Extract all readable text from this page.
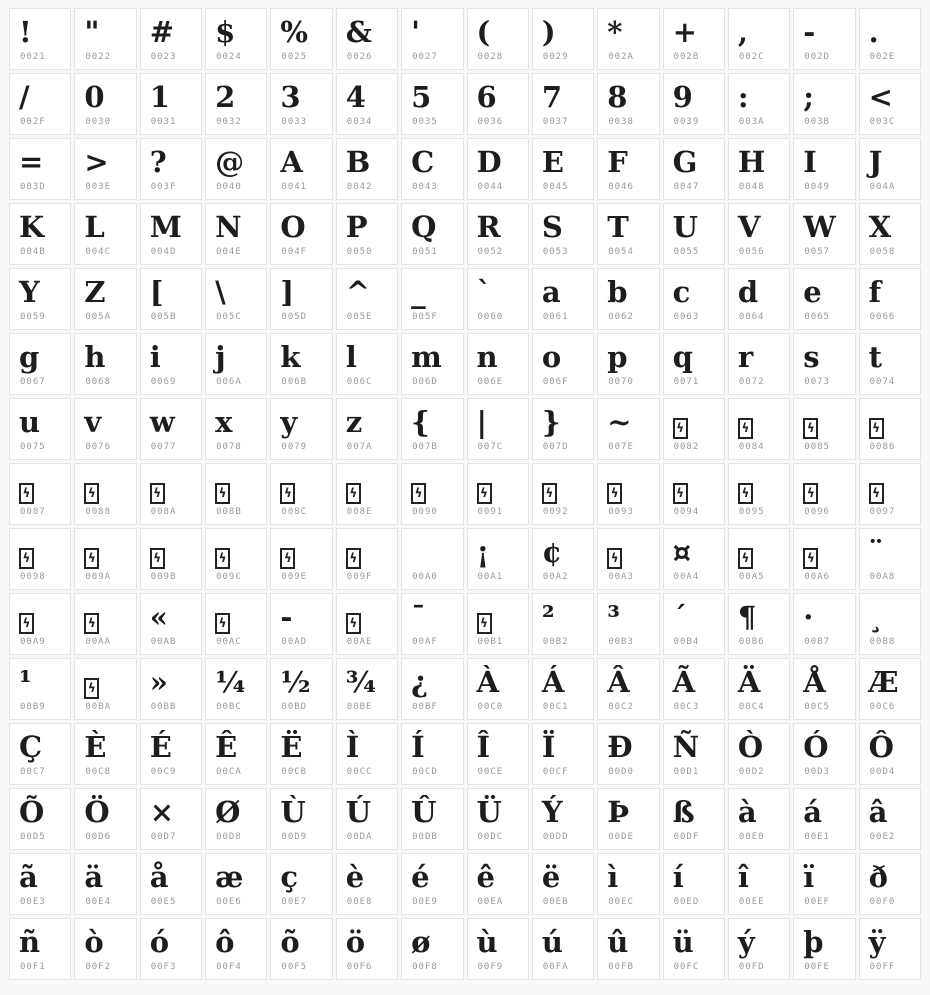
!
0021
"
0022
#
0023
$
0024
%
0025
&
0026
'
0027
(
0028
)
0029
*
002A
+
002B
,
002C
-
002D
.
002E
/
002F
0
0030
1
0031
2
0032
3
0033
4
0034
5
0035
6
0036
7
0037
8
0038
9
0039
:
003A
;
003B
<
003C
=
003D
>
003E
?
003F
@
0040
A
0041
B
0042
C
0043
D
0044
E
0045
F
0046
G
0047
H
0048
I
0049
J
004A
K
004B
L
004C
M
004D
N
004E
O
004F
P
0050
Q
0051
R
0052
S
0053
T
0054
U
0055
V
0056
W
0057
X
0058
Y
0059
Z
005A
[
005B
\
005C
]
005D
^
005E
_
005F
`
0060
a
0061
b
0062
c
0063
d
0064
e
0065
f
0066
g
0067
h
0068
i
0069
j
006A
k
006B
l
006C
m
006D
n
006E
o
006F
p
0070
q
0071
r
0072
s
0073
t
0074
u
0075
v
0076
w
0077
x
0078
y
0079
z
007A
{
007B
|
007C
}
007D
~
007E
ϟ
0082
ϟ
0084
ϟ
0085
ϟ
0086
ϟ
0087
ϟ
0088
ϟ
008A
ϟ
008B
ϟ
008C
ϟ
008E
ϟ
0090
ϟ
0091
ϟ
0092
ϟ
0093
ϟ
0094
ϟ
0095
ϟ
0096
ϟ
0097
ϟ
0098
ϟ
009A
ϟ
009B
ϟ
009C
ϟ
009E
ϟ
009F	00A0
¡
00A1
¢
00A2
ϟ
00A3
¤
00A4
ϟ
00A5
ϟ
00A6
¨
00A8
ϟ
00A9
ϟ
00AA
«
00AB
ϟ
00AC
-
00AD
ϟ
00AE
¯
00AF
ϟ
00B1
²
00B2
³
00B3
´
00B4
¶
00B6
·
00B7
¸
00B8
¹
00B9
ϟ
00BA
»
00BB
¼
00BC
½
00BD
¾
00BE
¿
00BF
À
00C0
Á
00C1
Â
00C2
Ã
00C3
Ä
00C4
Å
00C5
Æ
00C6
Ç
00C7
È
00C8
É
00C9
Ê
00CA
Ë
00CB
Ì
00CC
Í
00CD
Î
00CE
Ï
00CF
Ð
00D0
Ñ
00D1
Ò
00D2
Ó
00D3
Ô
00D4
Õ
00D5
Ö
00D6
×
00D7
Ø
00D8
Ù
00D9
Ú
00DA
Û
00DB
Ü
00DC
Ý
00DD
Þ
00DE
ß
00DF
à
00E0
á
00E1
â
00E2
ã
00E3
ä
00E4
å
00E5
æ
00E6
ç
00E7
è
00E8
é
00E9
ê
00EA
ë
00EB
ì
00EC
í
00ED
î
00EE
ï
00EF
ð
00F0
ñ
00F1
ò
00F2
ó
00F3
ô
00F4
õ
00F5
ö
00F6
ø
00F8
ù
00F9
ú
00FA
û
00FB
ü
00FC
ý
00FD
þ
00FE
ÿ
00FF
